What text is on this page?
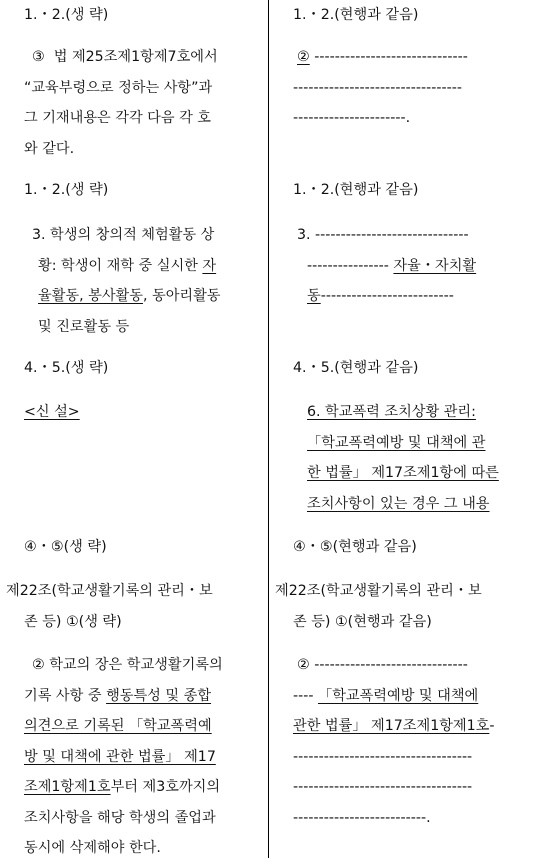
1.・2.(생 략)
③  법 제25조제1항제7호에서
“교육부령으로 정하는 사항”과
그 기재내용은 각각 다음 각 호
와 같다.
1.・2.(생 략)
3. 학생의 창의적 체험활동 상
황: 학생이 재학 중 실시한 자
율활동, 봉사활동, 동아리활동
및 진로활동 등
4.・5.(생 략)
<신 설>
④・⑤(생 략)
제22조(학교생활기록의 관리・보
존 등) ①(생 략)
② 학교의 장은 학교생활기록의
기록 사항 중 행동특성 및 종합
의견으로 기록된 「학교폭력예
방 및 대책에 관한 법률」 제17
조제1항제1호부터 제3호까지의
조치사항을 해당 학생의 졸업과
동시에 삭제해야 한다.
1.・2.(현행과 같음)
② ------------------------------
---------------------------------
----------------------.
1.・2.(현행과 같음)
3. ------------------------------
---------------- 자율・자치활
동--------------------------
4.・5.(현행과 같음)
6. 학교폭력 조치상황 관리:
「학교폭력예방 및 대책에 관
한 법률」 제17조제1항에 따른
조치사항이 있는 경우 그 내용
④・⑤(현행과 같음)
제22조(학교생활기록의 관리・보
존 등) ①(현행과 같음)
② ------------------------------
---- 「학교폭력예방 및 대책에
관한 법률」 제17조제1항제1호-
-----------------------------------
-----------------------------------
--------------------------.
